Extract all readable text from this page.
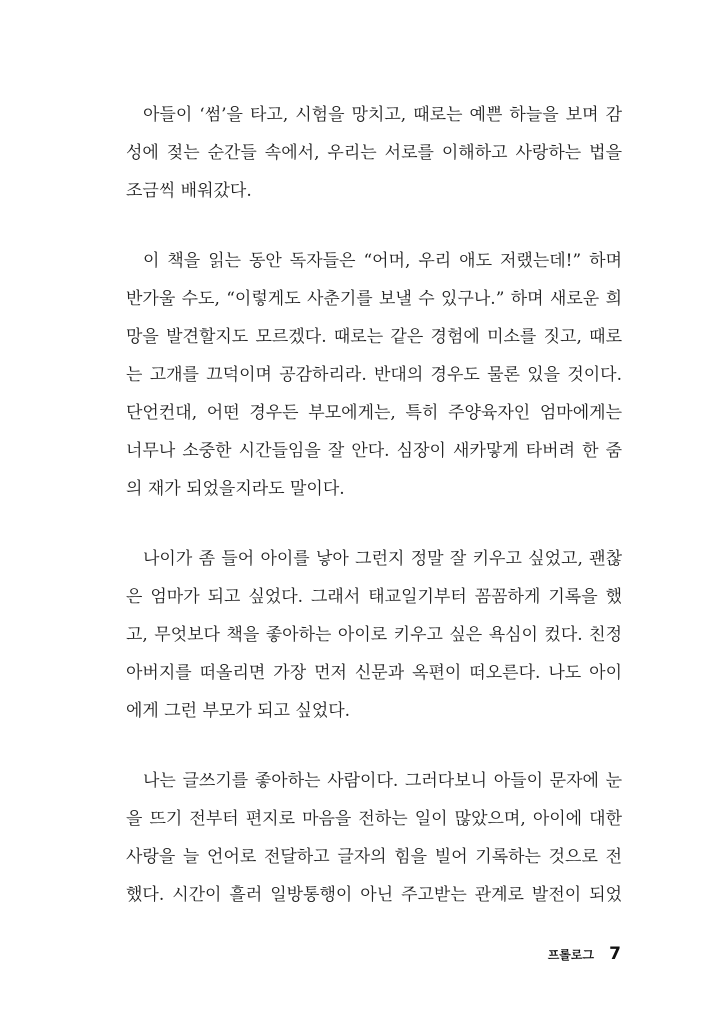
아들이 ‘썸’을 타고, 시험을 망치고, 때로는 예쁜 하늘을 보며 감
성에 젖는 순간들 속에서, 우리는 서로를 이해하고 사랑하는 법을
조금씩 배워갔다.

이 책을 읽는 동안 독자들은 “어머, 우리 애도 저랬는데!” 하며
반가울 수도, “이렇게도 사춘기를 보낼 수 있구나.” 하며 새로운 희
망을 발견할지도 모르겠다. 때로는 같은 경험에 미소를 짓고, 때로
는 고개를 끄덕이며 공감하리라. 반대의 경우도 물론 있을 것이다.
단언컨대, 어떤 경우든 부모에게는, 특히 주양육자인 엄마에게는
너무나 소중한 시간들임을 잘 안다. 심장이 새카맣게 타버려 한 줌
의 재가 되었을지라도 말이다.

나이가 좀 들어 아이를 낳아 그런지 정말 잘 키우고 싶었고, 괜찮
은 엄마가 되고 싶었다. 그래서 태교일기부터 꼼꼼하게 기록을 했
고, 무엇보다 책을 좋아하는 아이로 키우고 싶은 욕심이 컸다. 친정
아버지를 떠올리면 가장 먼저 신문과 옥편이 떠오른다. 나도 아이
에게 그런 부모가 되고 싶었다.

나는 글쓰기를 좋아하는 사람이다. 그러다보니 아들이 문자에 눈
을 뜨기 전부터 편지로 마음을 전하는 일이 많았으며, 아이에 대한
사랑을 늘 언어로 전달하고 글자의 힘을 빌어 기록하는 것으로 전
했다. 시간이 흘러 일방통행이 아닌 주고받는 관계로 발전이 되었

프롤로그 7
